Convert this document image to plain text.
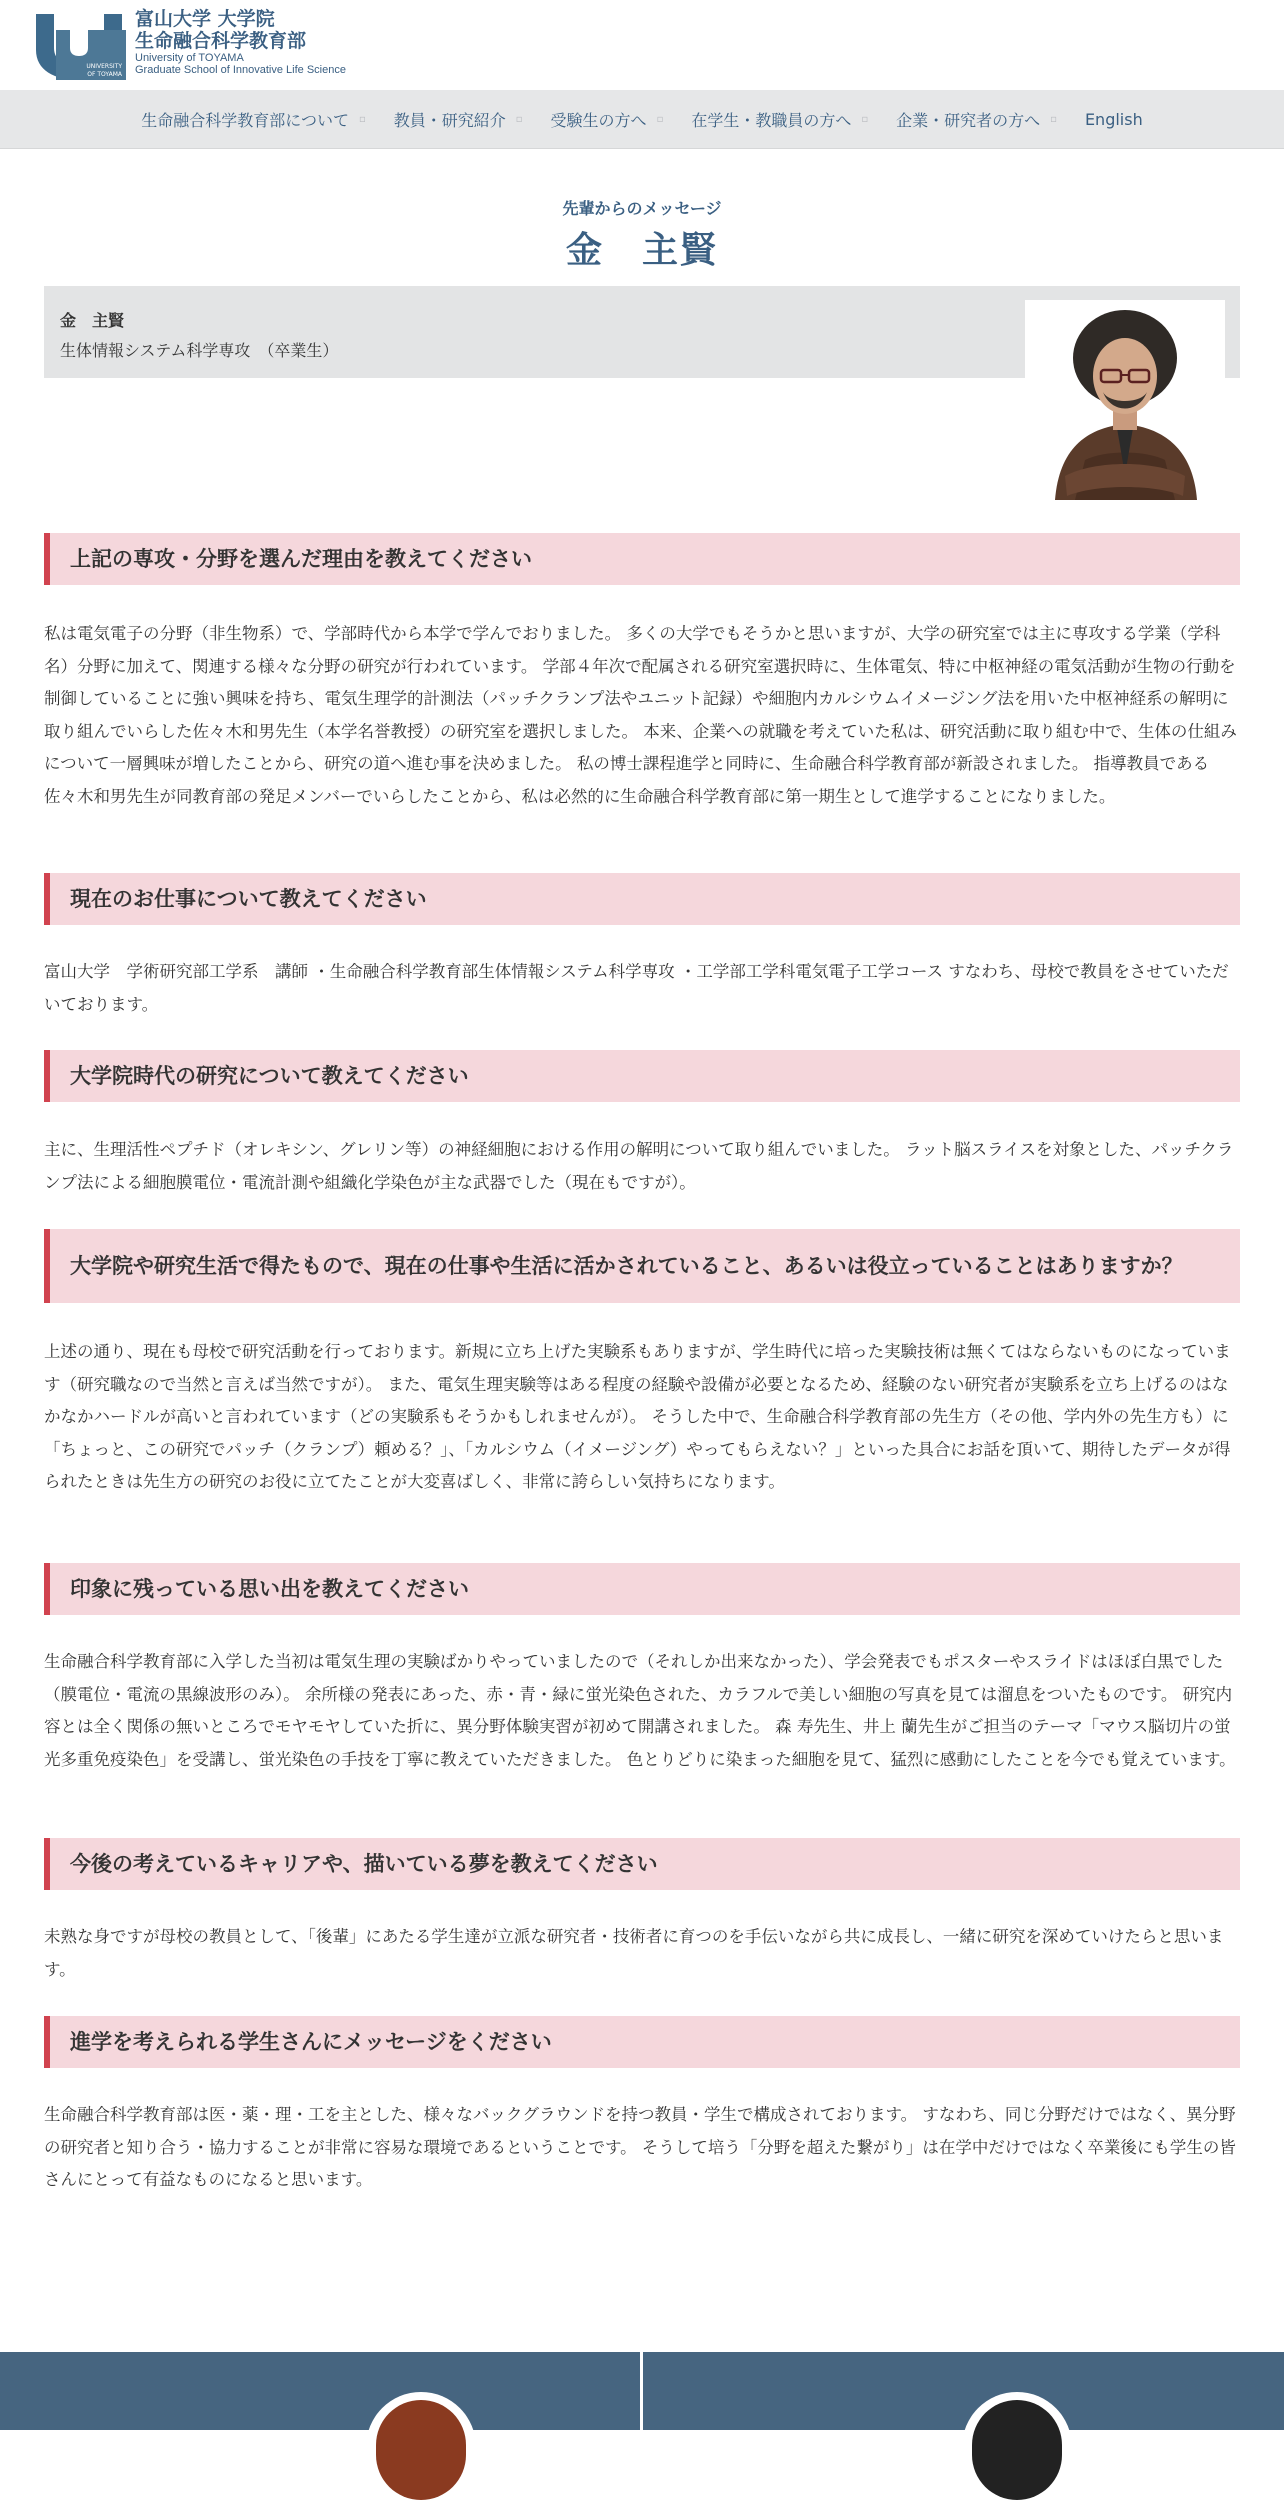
UNIVERSITY
OF TOYAMA
富山大学 大学院
生命融合科学教育部
University of TOYAMA
Graduate School of Innovative Life Science
生命融合科学教育部について ▫ 教員・研究紹介 ▫ 受験生の方へ ▫ 在学生・教職員の方へ ▫ 企業・研究者の方へ ▫ English
先輩からのメッセージ
金　主賢
金　主賢
生体情報システム科学専攻　（卒業生）
上記の専攻・分野を選んだ理由を教えてください

私は電気電子の分野（非生物系）で、学部時代から本学で学んでおりました。 多くの大学でもそうかと思いますが、大学の研究室では主に専攻する学業（学科名）分野に加えて、関連する様々な分野の研究が行われています。 学部４年次で配属される研究室選択時に、生体電気、特に中枢神経の電気活動が生物の行動を制御していることに強い興味を持ち、電気生理学的計測法（パッチクランプ法やユニット記録）や細胞内カルシウムイメージング法を用いた中枢神経系の解明に取り組んでいらした佐々木和男先生（本学名誉教授）の研究室を選択しました。 本来、企業への就職を考えていた私は、研究活動に取り組む中で、生体の仕組みについて一層興味が増したことから、研究の道へ進む事を決めました。 私の博士課程進学と同時に、生命融合科学教育部が新設されました。 指導教員である佐々木和男先生が同教育部の発足メンバーでいらしたことから、私は必然的に生命融合科学教育部に第一期生として進学することになりました。

現在のお仕事について教えてください

富山大学　学術研究部工学系　講師 ・生命融合科学教育部生体情報システム科学専攻 ・工学部工学科電気電子工学コース すなわち、母校で教員をさせていただいております。

大学院時代の研究について教えてください

主に、生理活性ペプチド（オレキシン、グレリン等）の神経細胞における作用の解明について取り組んでいました。 ラット脳スライスを対象とした、パッチクランプ法による細胞膜電位・電流計測や組織化学染色が主な武器でした（現在もですが）。

大学院や研究生活で得たもので、現在の仕事や生活に活かされていること、あるいは役立っていることはありますか？

上述の通り、現在も母校で研究活動を行っております。新規に立ち上げた実験系もありますが、学生時代に培った実験技術は無くてはならないものになっています（研究職なので当然と言えば当然ですが）。 また、電気生理実験等はある程度の経験や設備が必要となるため、経験のない研究者が実験系を立ち上げるのはなかなかハードルが高いと言われています（どの実験系もそうかもしれませんが）。 そうした中で、生命融合科学教育部の先生方（その他、学内外の先生方も）に「ちょっと、この研究でパッチ（クランプ）頼める？」、「カルシウム（イメージング）やってもらえない？」といった具合にお話を頂いて、期待したデータが得られたときは先生方の研究のお役に立てたことが大変喜ばしく、非常に誇らしい気持ちになります。

印象に残っている思い出を教えてください

生命融合科学教育部に入学した当初は電気生理の実験ばかりやっていましたので（それしか出来なかった）、学会発表でもポスターやスライドはほぼ白黒でした（膜電位・電流の黒線波形のみ）。 余所様の発表にあった、赤・青・緑に蛍光染色された、カラフルで美しい細胞の写真を見ては溜息をついたものです。 研究内容とは全く関係の無いところでモヤモヤしていた折に、異分野体験実習が初めて開講されました。 森 寿先生、井上 蘭先生がご担当のテーマ「マウス脳切片の蛍光多重免疫染色」を受講し、蛍光染色の手技を丁寧に教えていただきました。 色とりどりに染まった細胞を見て、猛烈に感動にしたことを今でも覚えています。

今後の考えているキャリアや、描いている夢を教えてください

未熟な身ですが母校の教員として、「後輩」にあたる学生達が立派な研究者・技術者に育つのを手伝いながら共に成長し、一緒に研究を深めていけたらと思います。

進学を考えられる学生さんにメッセージをください

生命融合科学教育部は医・薬・理・工を主とした、様々なバックグラウンドを持つ教員・学生で構成されております。 すなわち、同じ分野だけではなく、異分野の研究者と知り合う・協力することが非常に容易な環境であるということです。 そうして培う「分野を超えた繋がり」は在学中だけではなく卒業後にも学生の皆さんにとって有益なものになると思います。
